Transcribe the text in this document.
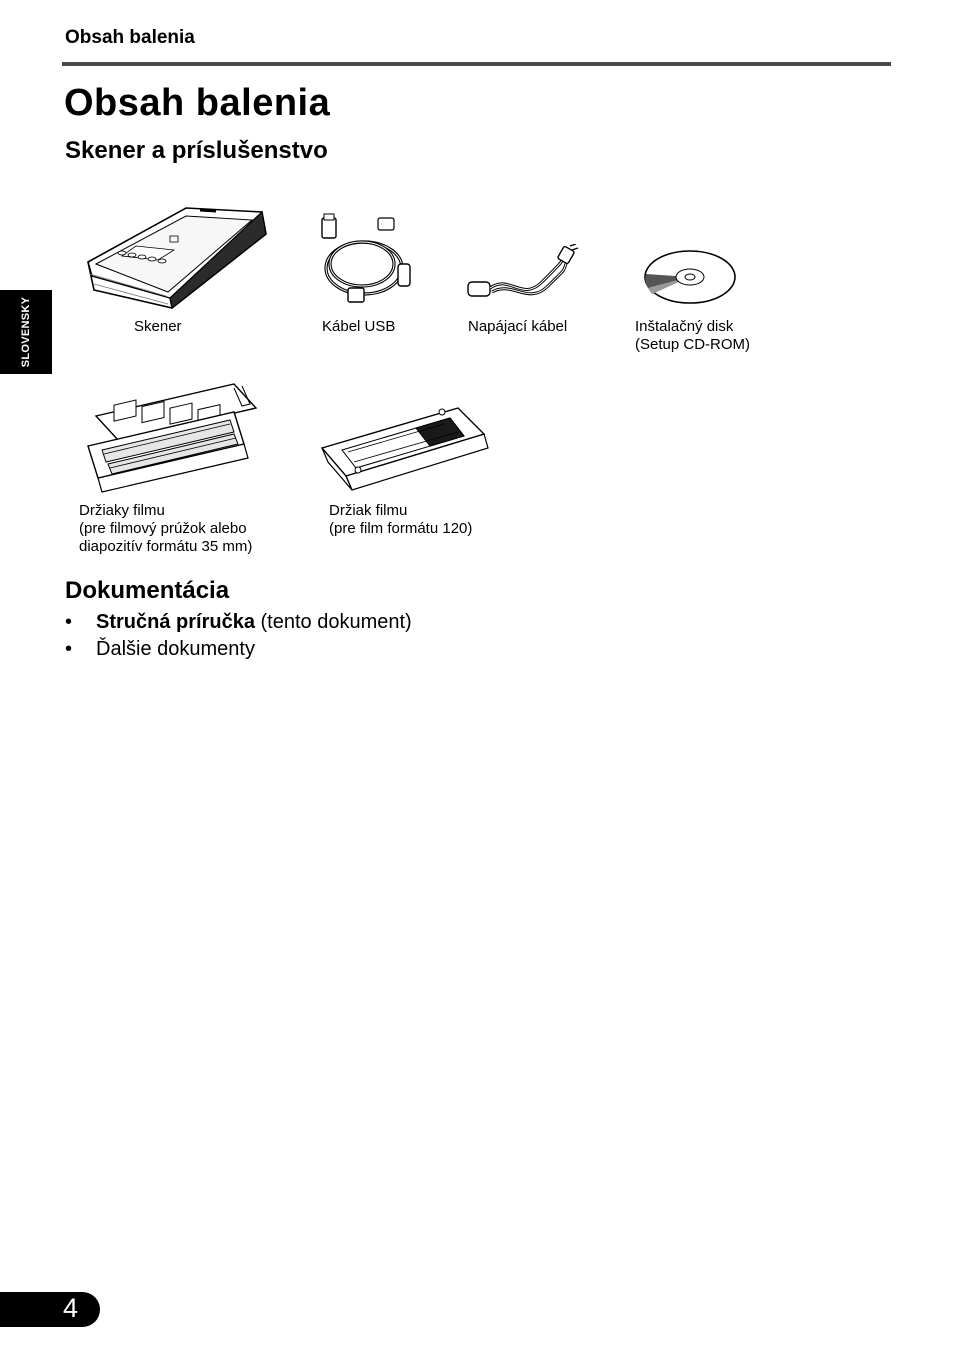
Obsah balenia
Obsah balenia
Skener a príslušenstvo
SLOVENSKY	Skener	Kábel USB	Napájací kábel	Inštalačný disk
(Setup CD-ROM)
Držiaky filmu
(pre filmový prúžok alebo
diapozitív formátu 35 mm)
Držiak filmu
(pre film formátu 120)
Dokumentácia
• Stručná príručka (tento dokument)
• Ďalšie dokumenty
4
